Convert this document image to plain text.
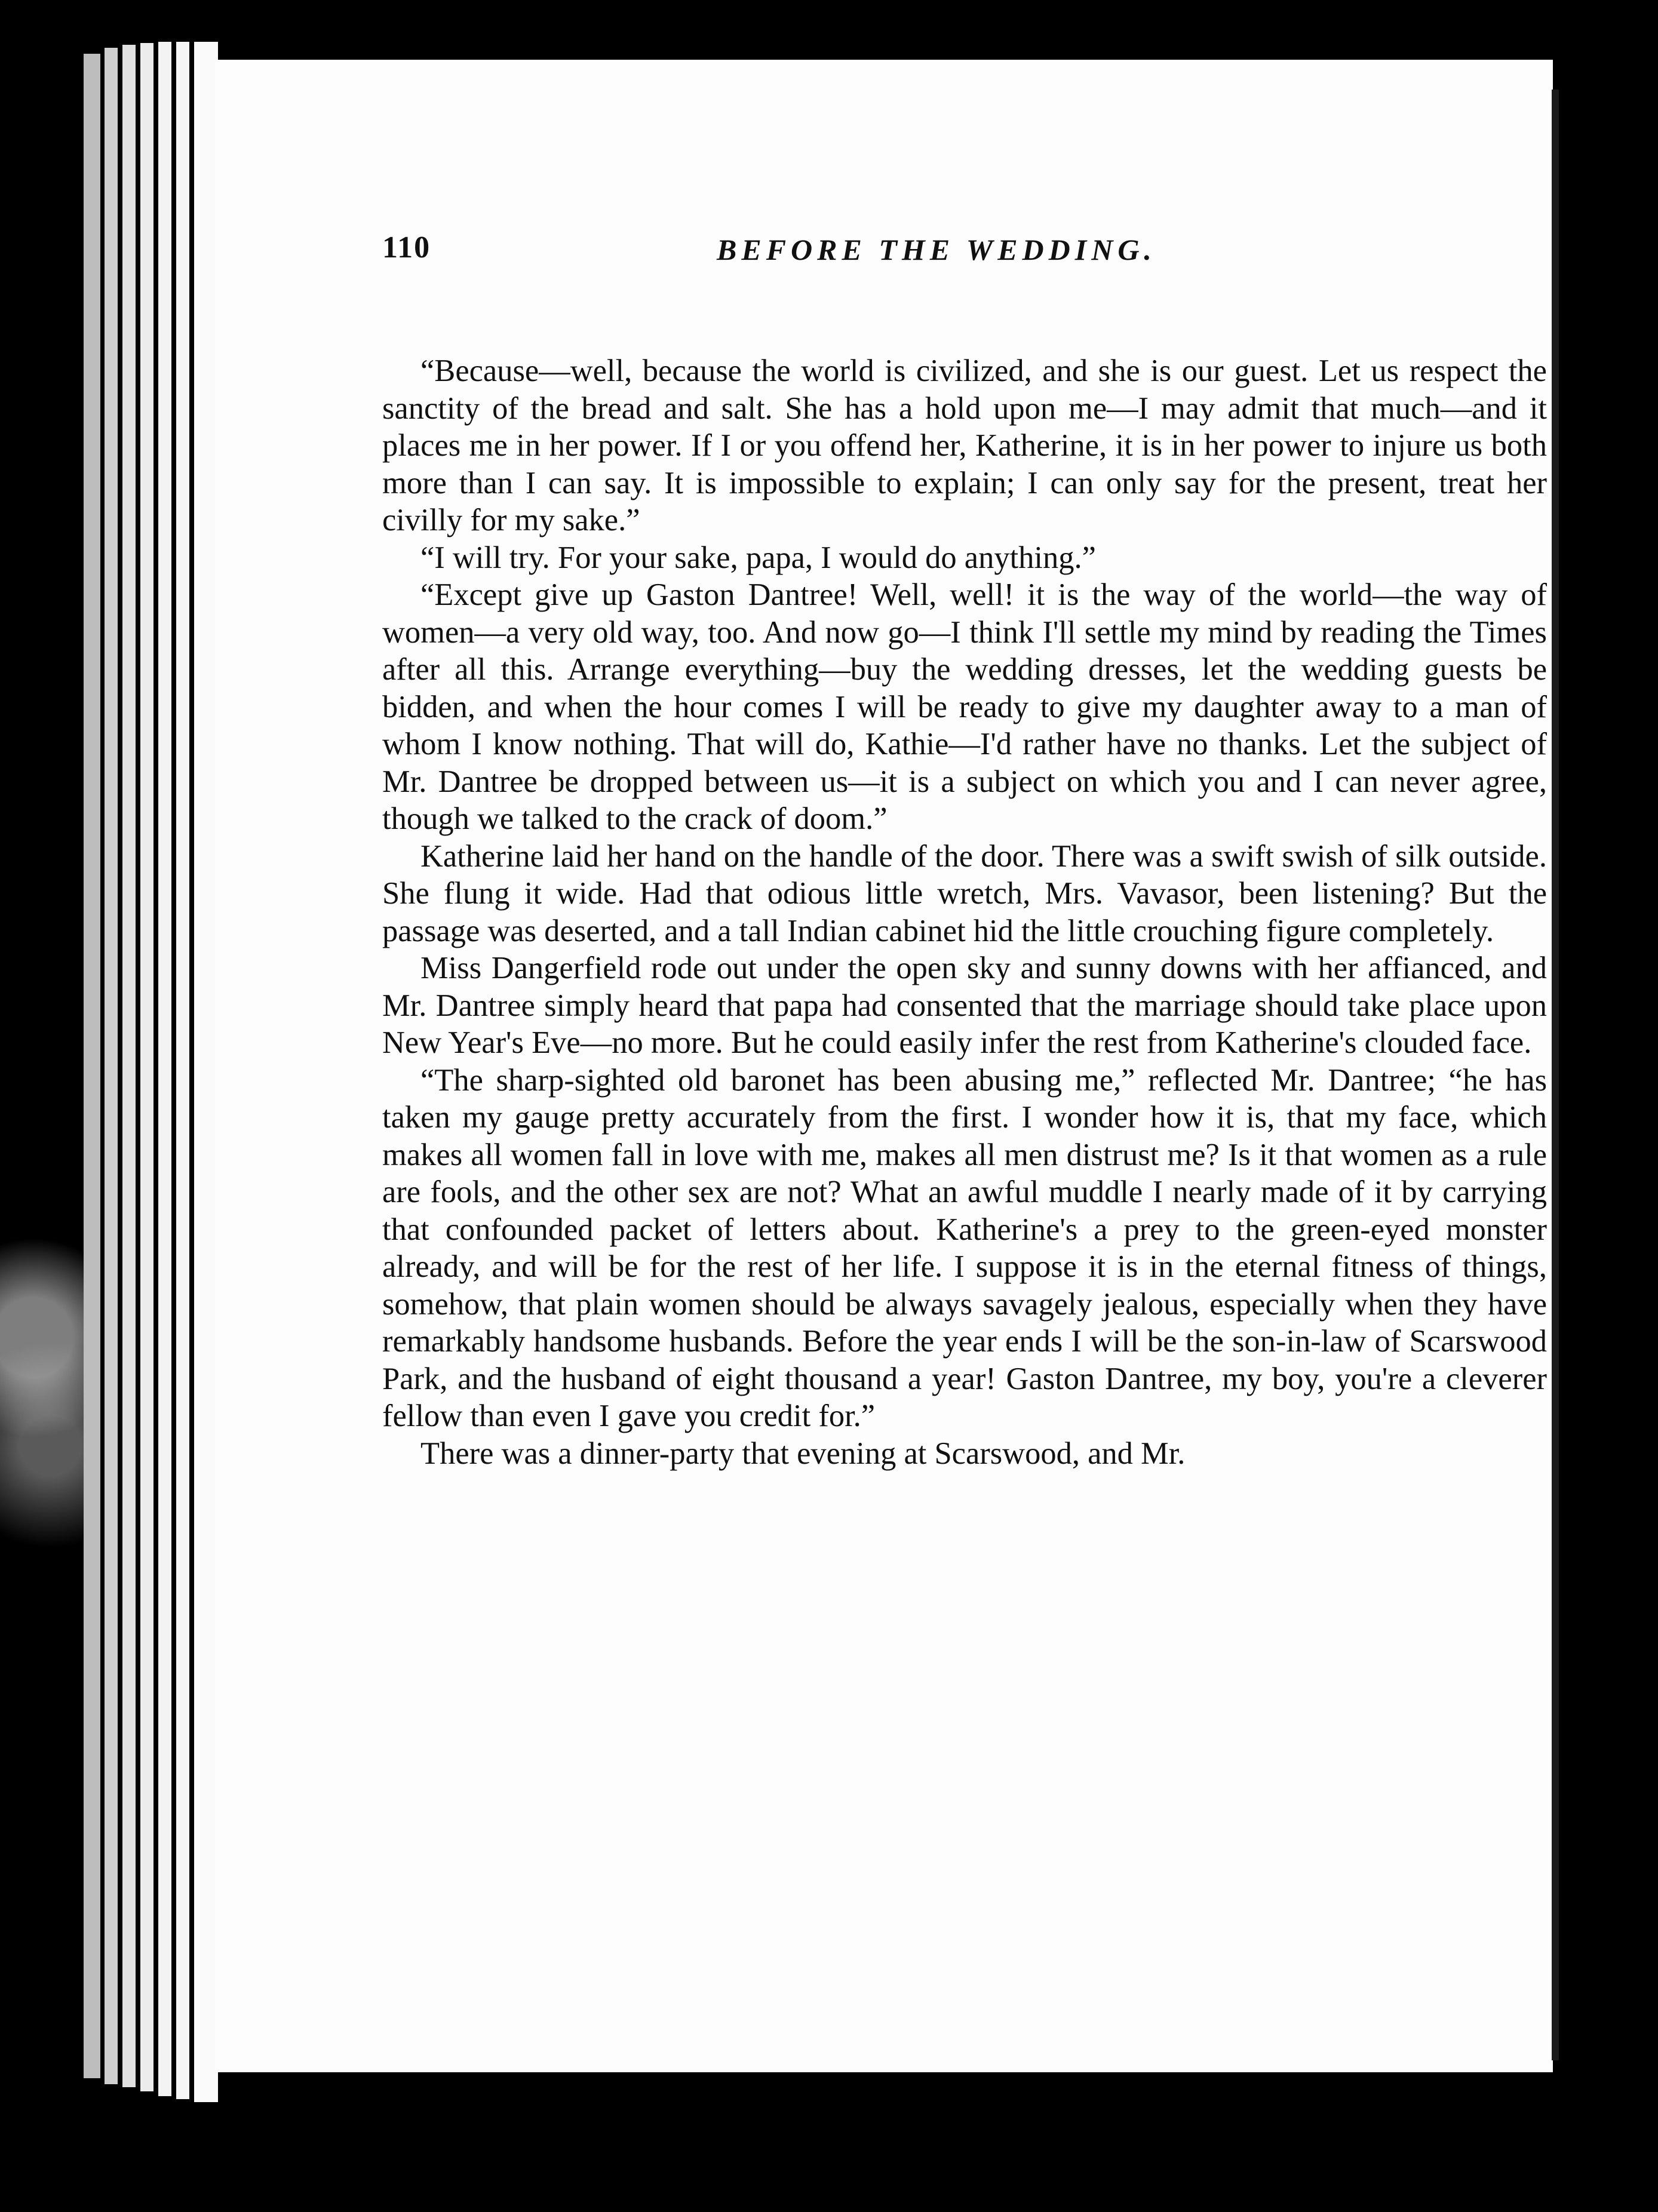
110	BEFORE THE WEDDING.

“Because—well, because the world is civilized, and she is our guest. Let us respect the sanctity of the bread and salt. She has a hold upon me—I may admit that much—and it places me in her power. If I or you offend her, Katherine, it is in her power to injure us both more than I can say. It is impossible to explain; I can only say for the present, treat her civilly for my sake.”

“I will try. For your sake, papa, I would do anything.”

“Except give up Gaston Dantree! Well, well! it is the way of the world—the way of women—a very old way, too. And now go—I think I'll settle my mind by reading the Times after all this. Arrange everything—buy the wedding dresses, let the wedding guests be bidden, and when the hour comes I will be ready to give my daughter away to a man of whom I know nothing. That will do, Kathie—I'd rather have no thanks. Let the subject of Mr. Dantree be dropped between us—it is a subject on which you and I can never agree, though we talked to the crack of doom.”

Katherine laid her hand on the handle of the door. There was a swift swish of silk outside. She flung it wide. Had that odious little wretch, Mrs. Vavasor, been listening? But the passage was deserted, and a tall Indian cabinet hid the little crouching figure completely.

Miss Dangerfield rode out under the open sky and sunny downs with her affianced, and Mr. Dantree simply heard that papa had consented that the marriage should take place upon New Year's Eve—no more. But he could easily infer the rest from Katherine's clouded face.

“The sharp-sighted old baronet has been abusing me,” reflected Mr. Dantree; “he has taken my gauge pretty accurately from the first. I wonder how it is, that my face, which makes all women fall in love with me, makes all men distrust me? Is it that women as a rule are fools, and the other sex are not? What an awful muddle I nearly made of it by carrying that confounded packet of letters about. Katherine's a prey to the green-eyed monster already, and will be for the rest of her life. I suppose it is in the eternal fitness of things, somehow, that plain women should be always savagely jealous, especially when they have remarkably handsome husbands. Before the year ends I will be the son-in-law of Scarswood Park, and the husband of eight thousand a year! Gaston Dantree, my boy, you're a cleverer fellow than even I gave you credit for.”

There was a dinner-party that evening at Scarswood, and Mr.
